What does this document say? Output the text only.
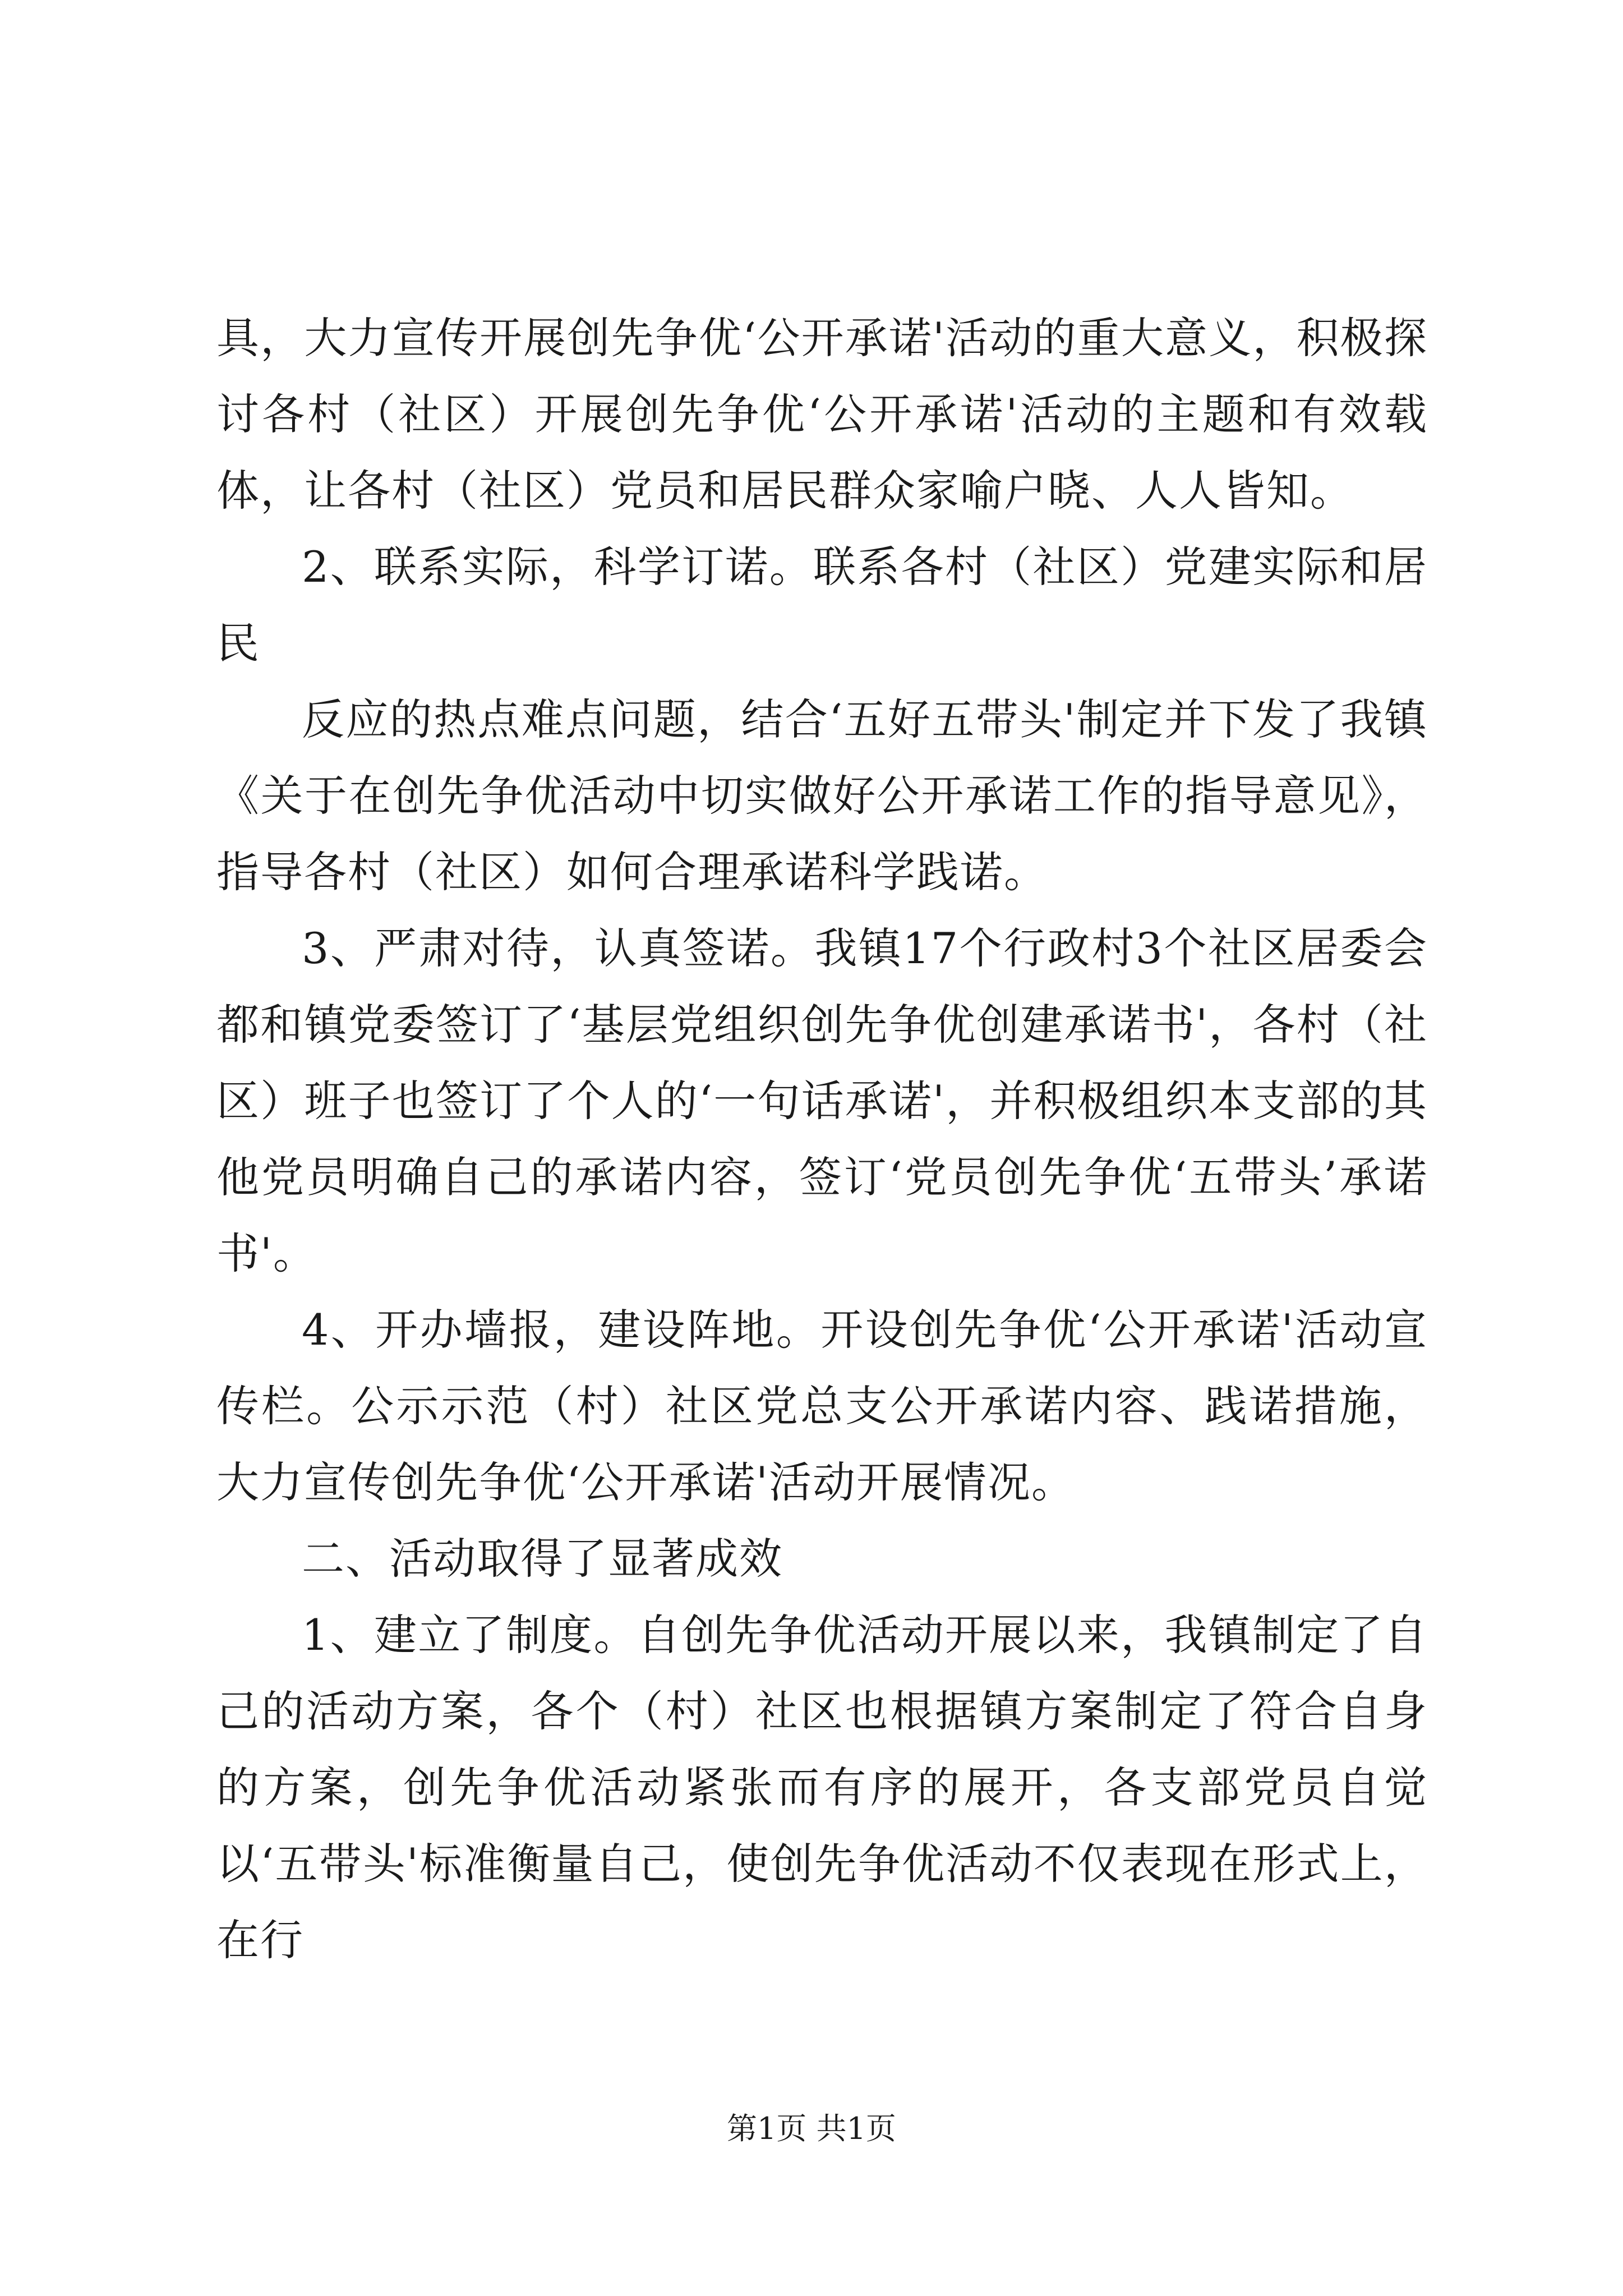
具，大力宣传开展创先争优‘公开承诺'活动的重大意义，积极探讨各村（社区）开展创先争优‘公开承诺'活动的主题和有效载体，让各村（社区）党员和居民群众家喻户晓、人人皆知。

2、联系实际，科学订诺。联系各村（社区）党建实际和居民

反应的热点难点问题，结合‘五好五带头'制定并下发了我镇《关于在创先争优活动中切实做好公开承诺工作的指导意见》，指导各村（社区）如何合理承诺科学践诺。

3、严肃对待，认真签诺。我镇17个行政村3个社区居委会都和镇党委签订了‘基层党组织创先争优创建承诺书'，各村（社区）班子也签订了个人的‘一句话承诺'，并积极组织本支部的其他党员明确自己的承诺内容，签订‘党员创先争优‘五带头’承诺书'。

4、开办墙报，建设阵地。开设创先争优‘公开承诺'活动宣传栏。公示示范（村）社区党总支公开承诺内容、践诺措施，大力宣传创先争优‘公开承诺'活动开展情况。

二、活动取得了显著成效

1、建立了制度。自创先争优活动开展以来，我镇制定了自己的活动方案，各个（村）社区也根据镇方案制定了符合自身的方案，创先争优活动紧张而有序的展开，各支部党员自觉以‘五带头'标准衡量自己，使创先争优活动不仅表现在形式上，在行

第1页 共1页
